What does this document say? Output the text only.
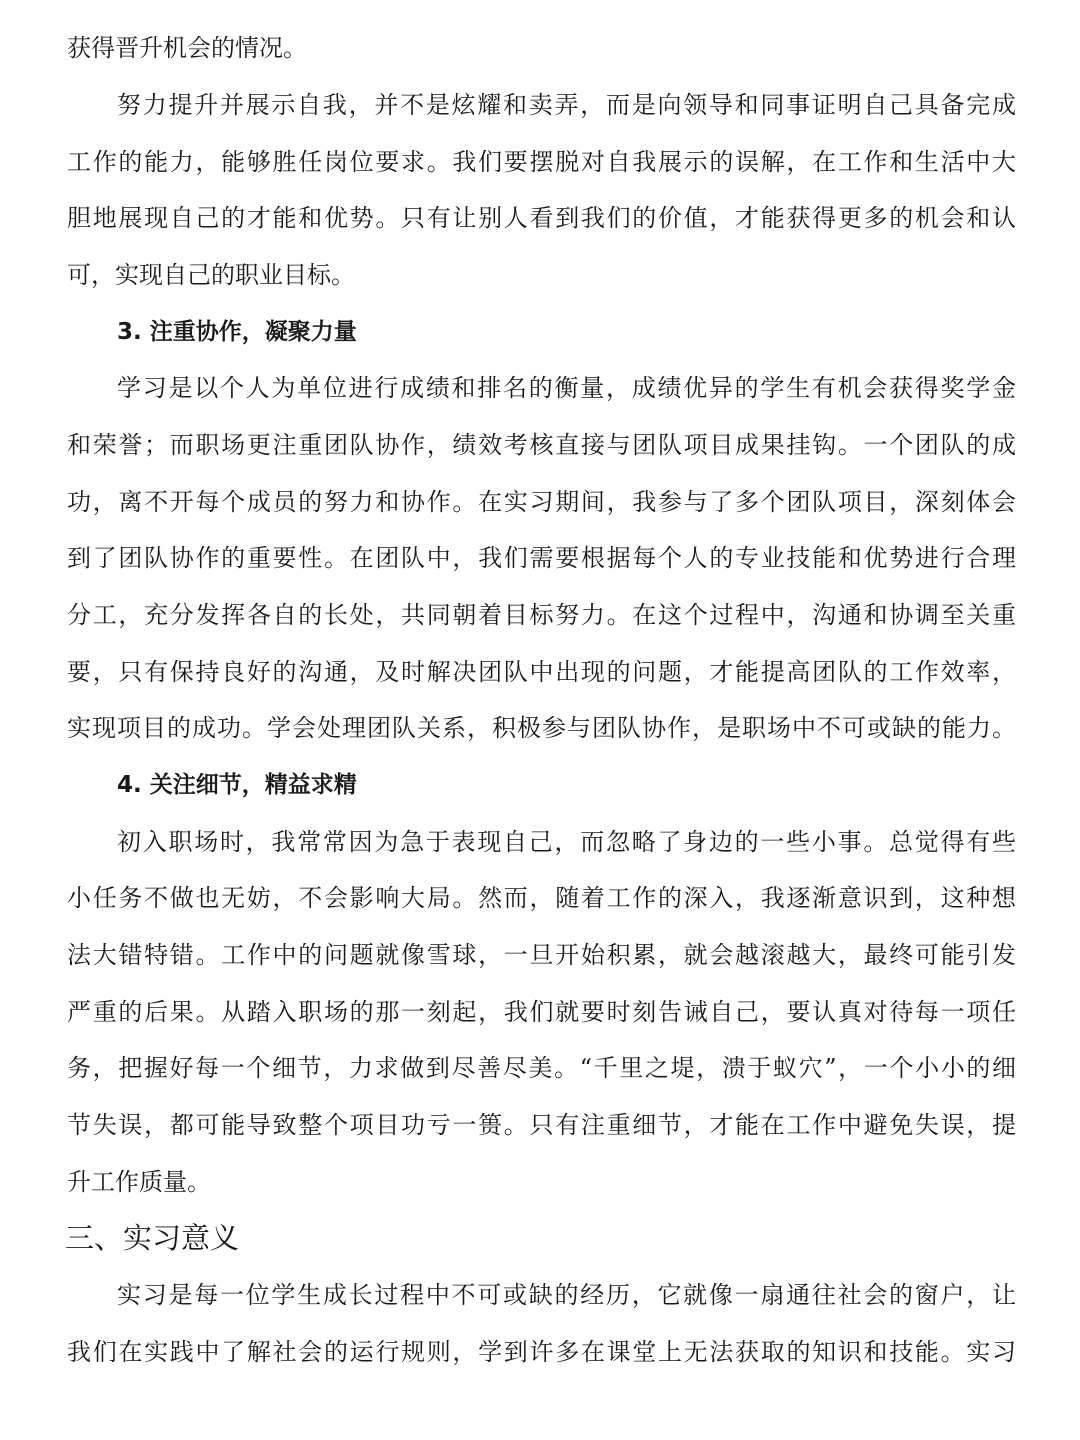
获得晋升机会的情况。
努力提升并展示自我，并不是炫耀和卖弄，而是向领导和同事证明自己具备完成
工作的能力，能够胜任岗位要求。我们要摆脱对自我展示的误解，在工作和生活中大
胆地展现自己的才能和优势。只有让别人看到我们的价值，才能获得更多的机会和认
可，实现自己的职业目标。
3. 注重协作，凝聚力量
学习是以个人为单位进行成绩和排名的衡量，成绩优异的学生有机会获得奖学金
和荣誉；而职场更注重团队协作，绩效考核直接与团队项目成果挂钩。一个团队的成
功，离不开每个成员的努力和协作。在实习期间，我参与了多个团队项目，深刻体会
到了团队协作的重要性。在团队中，我们需要根据每个人的专业技能和优势进行合理
分工，充分发挥各自的长处，共同朝着目标努力。在这个过程中，沟通和协调至关重
要，只有保持良好的沟通，及时解决团队中出现的问题，才能提高团队的工作效率，
实现项目的成功。学会处理团队关系，积极参与团队协作，是职场中不可或缺的能力。
4. 关注细节，精益求精
初入职场时，我常常因为急于表现自己，而忽略了身边的一些小事。总觉得有些
小任务不做也无妨，不会影响大局。然而，随着工作的深入，我逐渐意识到，这种想
法大错特错。工作中的问题就像雪球，一旦开始积累，就会越滚越大，最终可能引发
严重的后果。从踏入职场的那一刻起，我们就要时刻告诫自己，要认真对待每一项任
务，把握好每一个细节，力求做到尽善尽美。“千里之堤，溃于蚁穴”，一个小小的细
节失误，都可能导致整个项目功亏一篑。只有注重细节，才能在工作中避免失误，提
升工作质量。
三、实习意义
实习是每一位学生成长过程中不可或缺的经历，它就像一扇通往社会的窗户，让
我们在实践中了解社会的运行规则，学到许多在课堂上无法获取的知识和技能。实习
